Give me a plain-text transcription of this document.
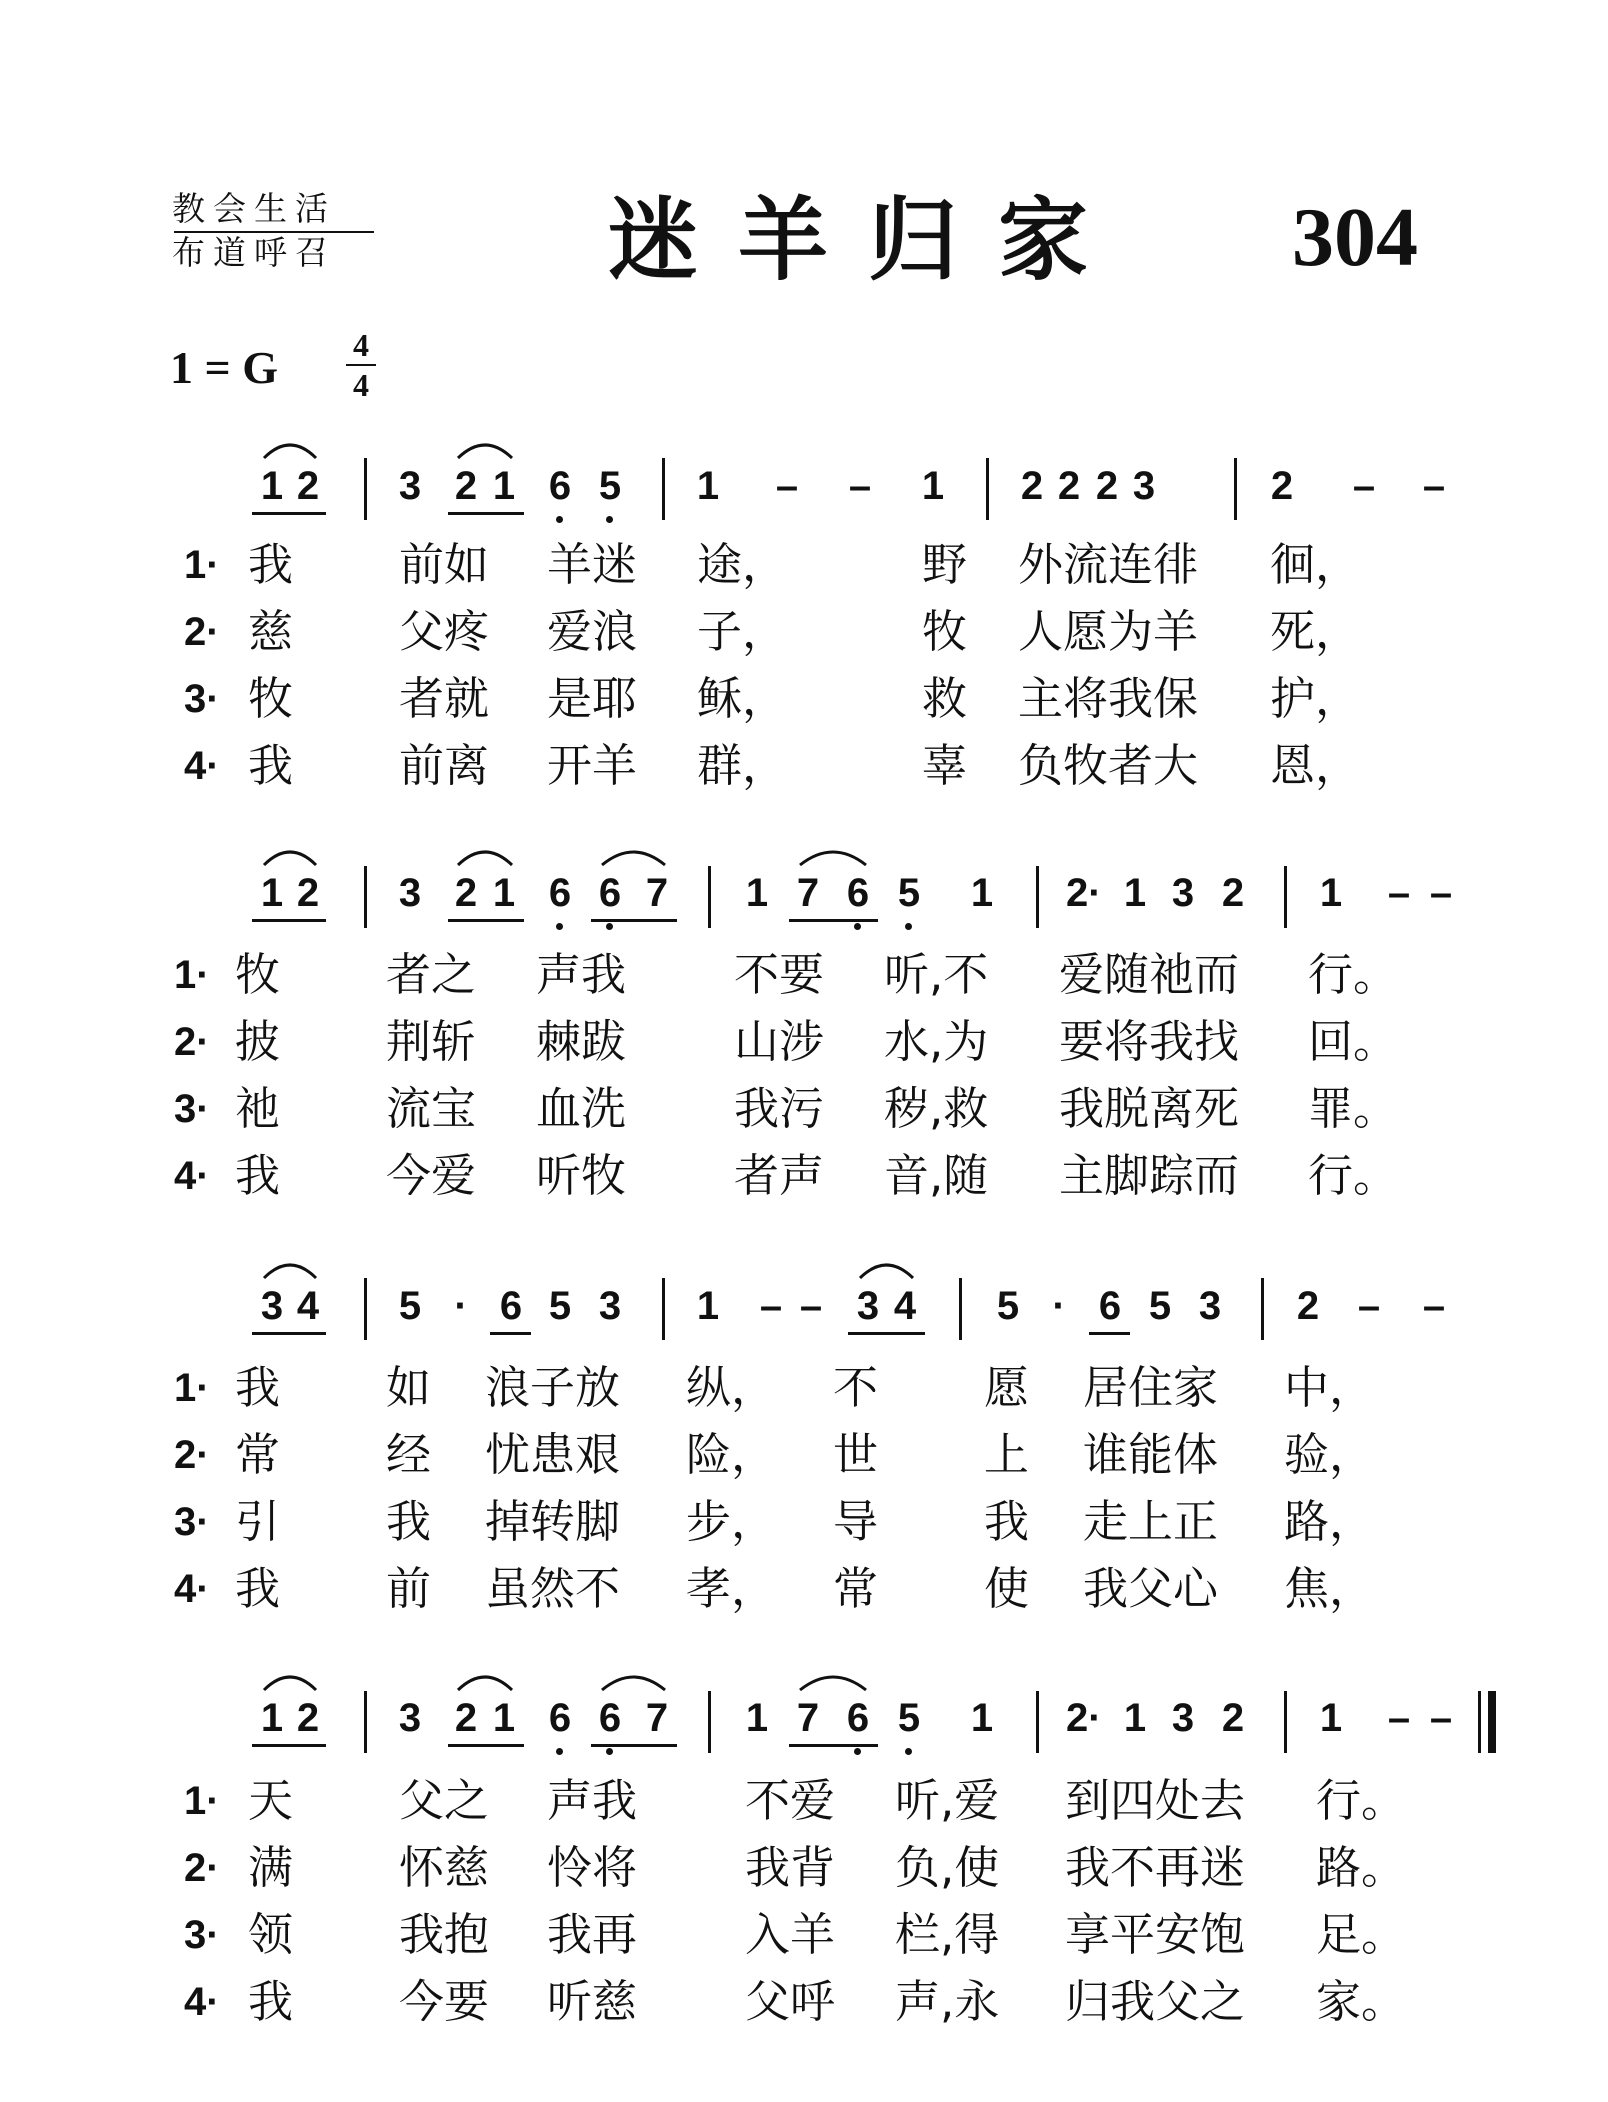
教会生活
布道呼召	迷羊归家 304
1 = G 4
4
1 2 3 2 1 6 5 1 – – 1 2 2 2 3	2 – –
1 2 3 2 1 6 6 7 1 7 6 5 1 2· 1 3 2 1 – –
3 4 5 · 6 5 3 1 – – 3 4 5 · 6 5 3 2 – –
1 2 3 2 1 6 6 7 1 7 6 5 1 2· 1 3 2 1 – –
1· 我 前如 羊迷 途，	野 外流连徘 徊，
2· 慈 父疼 爱浪 子，	牧 人愿为羊 死，
3· 牧 者就 是耶 稣，	救 主将我保 护，
4· 我 前离 开羊 群，	辜 负牧者大 恩，
1· 牧 者之 声我 不要 听,不 爱随祂而 行。
2· 披 荆斩 棘跋 山涉 水,为 要将我找 回。
3· 祂 流宝 血洗 我污 秽,救 我脱离死 罪。
4· 我 今爱 听牧 者声 音,随 主脚踪而 行。
1· 我 如 浪子放 纵， 不 愿 居住家 中，
2· 常 经 忧患艰 险， 世 上 谁能体 验，
3· 引 我 掉转脚 步， 导 我 走上正 路，
4· 我 前 虽然不 孝， 常 使 我父心 焦，
1· 天 父之 声我 不爱 听,爱 到四处去 行。
2· 满 怀慈 怜将 我背 负,使 我不再迷 路。
3· 领 我抱 我再 入羊 栏,得 享平安饱 足。
4· 我 今要 听慈 父呼 声,永 归我父之 家。
